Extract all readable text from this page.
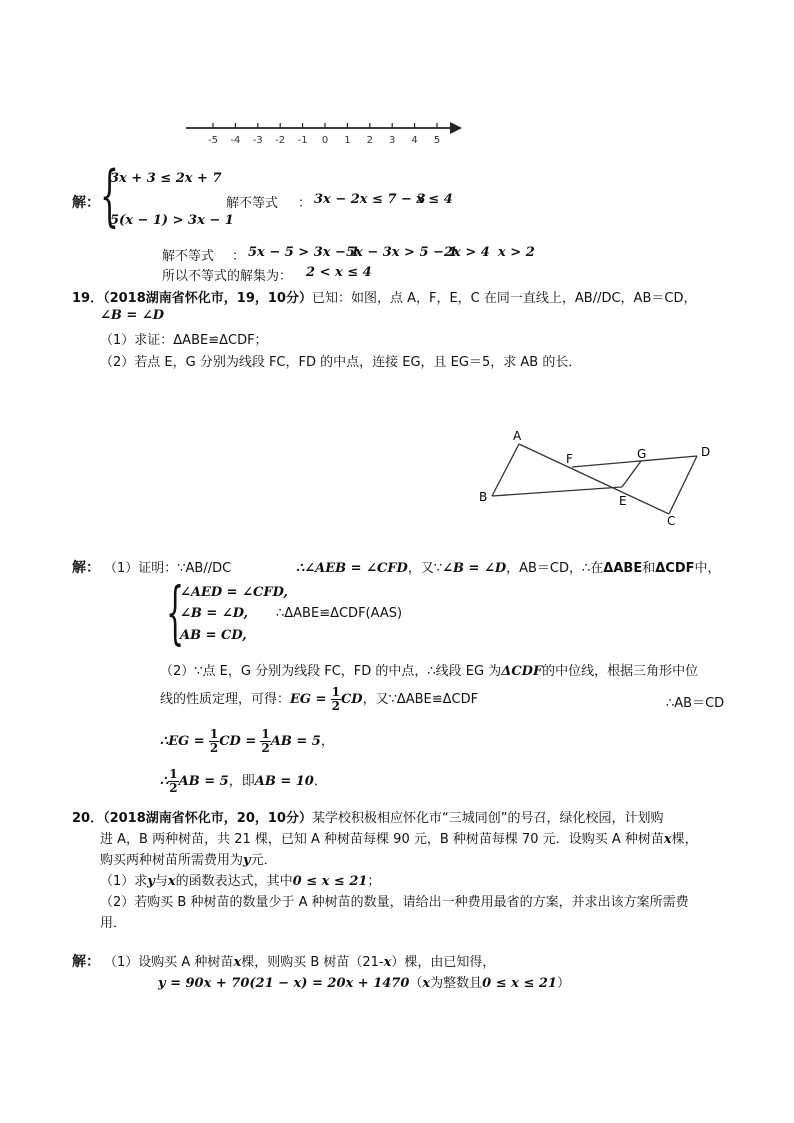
-5 -4 -3 -2 -1 0 1 2 3 4 5
解： {
3x + 3 ≤ 2x + 7
5(x − 1) > 3x − 1
解不等式 ： 3x − 2x ≤ 7 − 3
x ≤ 4
解不等式 ： 5x − 5 > 3x − 1
5x − 3x > 5 − 1
2x > 4 x > 2
所以不等式的解集为： 2 < x ≤ 4
19．（2018湖南省怀化市，19，10分）已知：如图，点 A，F，E，C 在同一直线上，AB//DC，AB＝CD，
∠B = ∠D
（1）求证：ΔABE≌ΔCDF；
（2）若点 E，G 分别为线段 FC，FD 的中点，连接 EG，且 EG＝5，求 AB 的长．
A
B
C
D
E
F	G
解： （1）证明：∵AB//DC	∴∠AEB = ∠CFD，又∵∠B = ∠D，AB＝CD，∴在ΔABE和ΔCDF中，
{
∠AED = ∠CFD,
∠B = ∠D, ∴ΔABE≌ΔCDF(AAS)
AB = CD,
（2）∵点 E，G 分别为线段 FC，FD 的中点，∴线段 EG 为ΔCDF的中位线，根据三角形中位
线的性质定理，可得：EG = $\frac{1}{2}$ CD，又∵ΔABE≌ΔCDF	∴AB＝CD
∴EG = $\frac{1}{2}$ CD = $\frac{1}{2}$ AB = 5，
∴ $\frac{1}{2}$ AB = 5，即AB = 10．
20．（2018湖南省怀化市，20，10分）某学校积极相应怀化市“三城同创”的号召，绿化校园，计划购
进 A，B 两种树苗，共 21 棵，已知 A 种树苗每棵 90 元，B 种树苗每棵 70 元．设购买 A 种树苗x棵，
购买两种树苗所需费用为y元．
（1）求y与x的函数表达式，其中0 ≤ x ≤ 21；
（2）若购买 B 种树苗的数量少于 A 种树苗的数量，请给出一种费用最省的方案，并求出该方案所需费
用．
解： （1）设购买 A 种树苗x棵，则购买 B 树苗（21-x）棵，由已知得，
y = 90x + 70(21 − x) = 20x + 1470（x为整数且0 ≤ x ≤ 21）
